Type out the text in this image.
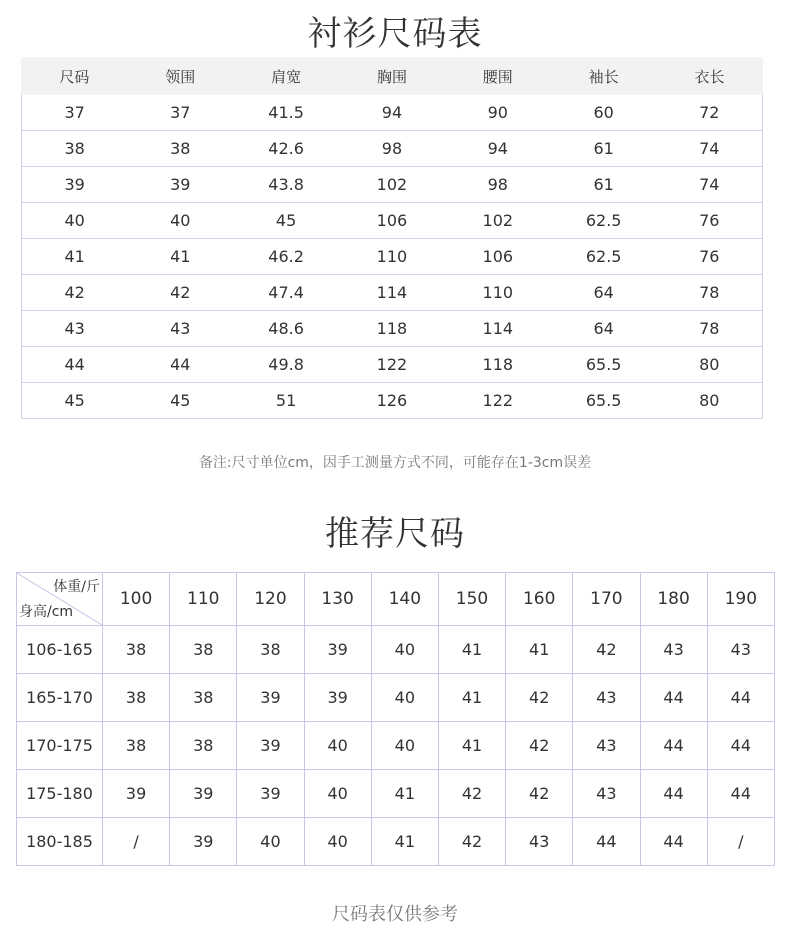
衬衫尺码表
尺码	领围	肩宽	胸围	腰围	袖长	衣长
37	37	41.5	94	90	60	72
38	38	42.6	98	94	61	74
39	39	43.8	102	98	61	74
40	40	45	106	102	62.5	76
41	41	46.2	110	106	62.5	76
42	42	47.4	114	110	64	78
43	43	48.6	118	114	64	78
44	44	49.8	122	118	65.5	80
45	45	51	126	122	65.5	80
备注:尺寸单位cm，因手工测量方式不同，可能存在1-3cm误差
推荐尺码
体重/斤
身高/cm	100	110	120	130	140	150	160	170	180	190
106-165	38	38	38	39	40	41	41	42	43	43
165-170	38	38	39	39	40	41	42	43	44	44
170-175	38	38	39	40	40	41	42	43	44	44
175-180	39	39	39	40	41	42	42	43	44	44
180-185	/	39	40	40	41	42	43	44	44	/
尺码表仅供参考
